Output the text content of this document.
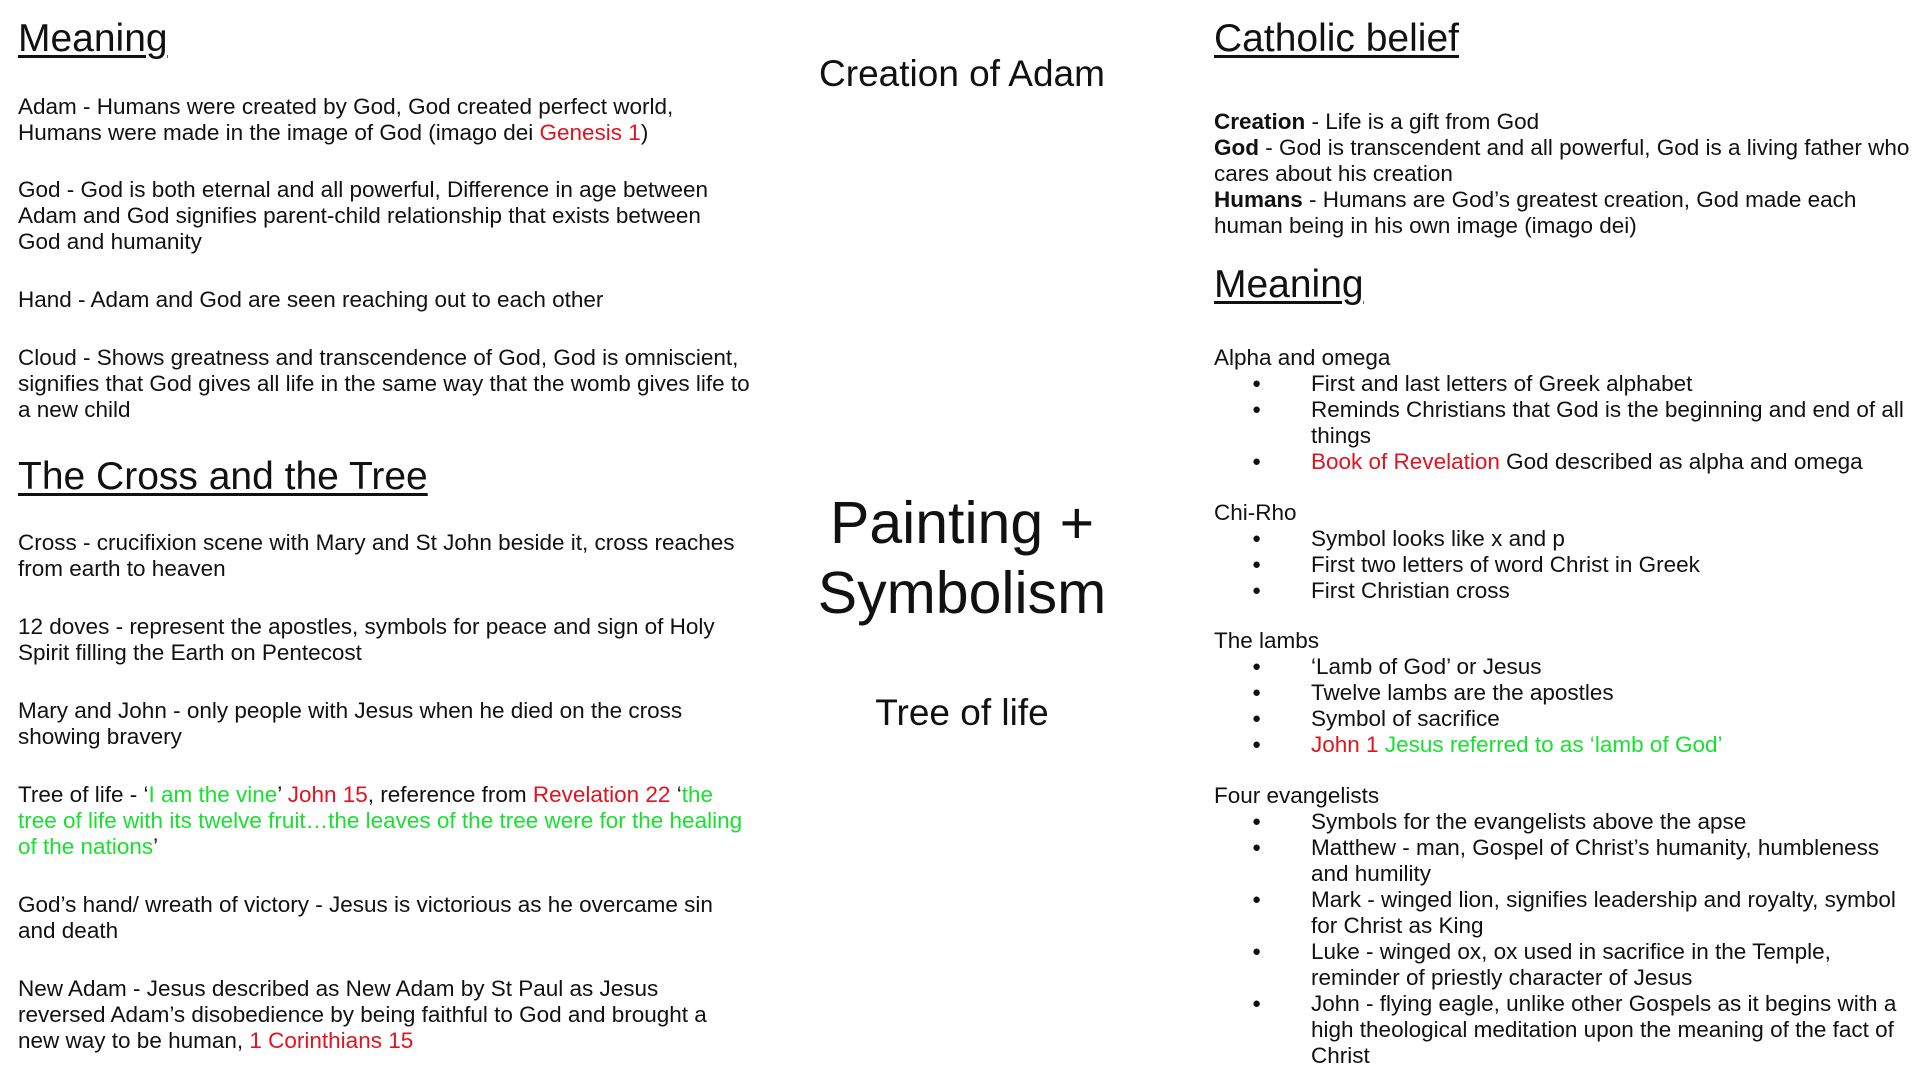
Meaning
Adam - Humans were created by God, God created perfect world, Humans were made in the image of God (imago dei Genesis 1)
God - God is both eternal and all powerful, Difference in age between Adam and God signifies parent-child relationship that exists between God and humanity
Hand - Adam and God are seen reaching out to each other
Cloud - Shows greatness and transcendence of God, God is omniscient, signifies that God gives all life in the same way that the womb gives life to a new child
The Cross and the Tree
Cross - crucifixion scene with Mary and St John beside it, cross reaches from earth to heaven
12 doves - represent the apostles, symbols for peace and sign of Holy Spirit filling the Earth on Pentecost
Mary and John - only people with Jesus when he died on the cross showing bravery
Tree of life - ‘I am the vine’ John 15, reference from Revelation 22 ‘the tree of life with its twelve fruit…the leaves of the tree were for the healing of the nations’
God’s hand/ wreath of victory - Jesus is victorious as he overcame sin and death
New Adam - Jesus described as New Adam by St Paul as Jesus reversed Adam’s disobedience by being faithful to God and brought a new way to be human, 1 Corinthians 15
Creation of Adam
Painting +
Symbolism
Tree of life
Catholic belief
Creation - Life is a gift from God
God - God is transcendent and all powerful, God is a living father who cares about his creation
Humans - Humans are God’s greatest creation, God made each human being in his own image (imago dei)
Meaning
Alpha and omega
● First and last letters of Greek alphabet
● Reminds Christians that God is the beginning and end of all things
● Book of Revelation God described as alpha and omega
Chi-Rho
● Symbol looks like x and p
● First two letters of word Christ in Greek
● First Christian cross
The lambs
● ‘Lamb of God’ or Jesus
● Twelve lambs are the apostles
● Symbol of sacrifice
● John 1 Jesus referred to as ‘lamb of God’
Four evangelists
● Symbols for the evangelists above the apse
● Matthew - man, Gospel of Christ’s humanity, humbleness and humility
● Mark - winged lion, signifies leadership and royalty, symbol for Christ as King
● Luke - winged ox, ox used in sacrifice in the Temple, reminder of priestly character of Jesus
● John - flying eagle, unlike other Gospels as it begins with a high theological meditation upon the meaning of the fact of Christ
